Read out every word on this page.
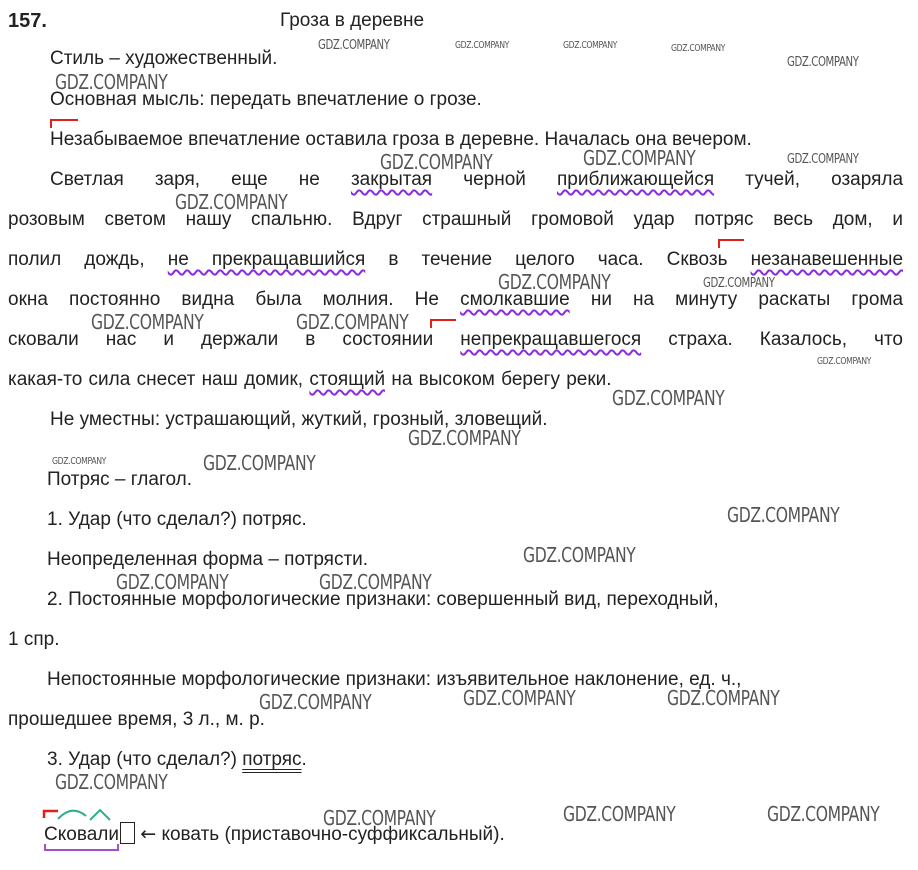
157.	Гроза в деревне
Стиль – художественный.
Основная мысль: передать впечатление о грозе.
Незабываемое впечатление оставила гроза в деревне. Началась она вечером.
Светлая заря, еще не закрытая черной приближающейся тучей, озаряла
розовым светом нашу спальню. Вдруг страшный громовой удар потряс весь дом, и
полил дождь, не прекращавшийся в течение целого часа. Сквозь незанавешенные
окна постоянно видна была молния. Не смолкавшие ни на минуту раскаты грома
сковали нас и держали в состоянии непрекращавшегося страха. Казалось, что
какая-то сила снесет наш домик, стоящий на высоком берегу реки.
Не уместны: устрашающий, жуткий, грозный, зловещий.
Потряс – глагол.
1. Удар (что сделал?) потряс.
Неопределенная форма – потрясти.
2. Постоянные морфологические признаки: совершенный вид, переходный,
1 спр.
Непостоянные морфологические признаки: изъявительное наклонение, ед. ч.,
прошедшее время, 3 л., м. р.
3. Удар (что сделал?) потряс.
Сковали ← ковать (приставочно-суффиксальный).
GDZ.COMPANY	GDZ.COMPANY	GDZ.COMPANY	GDZ.COMPANY
GDZ.COMPANY
GDZ.COMPANY
GDZ.COMPANY	GDZ.COMPANY	GDZ.COMPANY
GDZ.COMPANY
GDZ.COMPANY	GDZ.COMPANY
GDZ.COMPANY	GDZ.COMPANY
GDZ.COMPANY
GDZ.COMPANY
GDZ.COMPANY
GDZ.COMPANY	GDZ.COMPANY
GDZ.COMPANY
GDZ.COMPANY
GDZ.COMPANY	GDZ.COMPANY
GDZ.COMPANY	GDZ.COMPANY
GDZ.COMPANY
GDZ.COMPANY
GDZ.COMPANY	GDZ.COMPANY	GDZ.COMPANY
